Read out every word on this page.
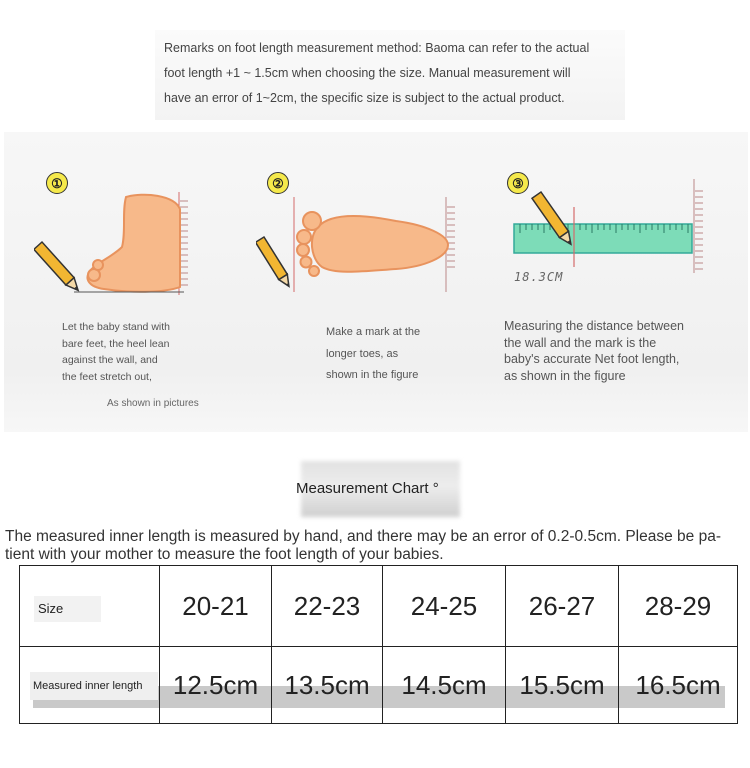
Remarks on foot length measurement method: Baoma can refer to the actual
foot length +1 ~ 1.5cm when choosing the size. Manual measurement will
have an error of 1~2cm, the specific size is subject to the actual product.

①
Let the baby stand with
bare feet, the heel lean
against the wall, and
the feet stretch out,
As shown in pictures
②
Make a mark at the
longer toes, as
shown in the figure
③
18.3CM
Measuring the distance between
the wall and the mark is the
baby's accurate Net foot length,
as shown in the figure
Measurement Chart °
The measured inner length is measured by hand, and there may be an error of 0.2-0.5cm. Please be pa-tient with your mother to measure the foot length of your babies.
Size	20-21	22-23	24-25	26-27	28-29

Measured inner length	12.5cm	13.5cm	14.5cm	15.5cm	16.5cm
